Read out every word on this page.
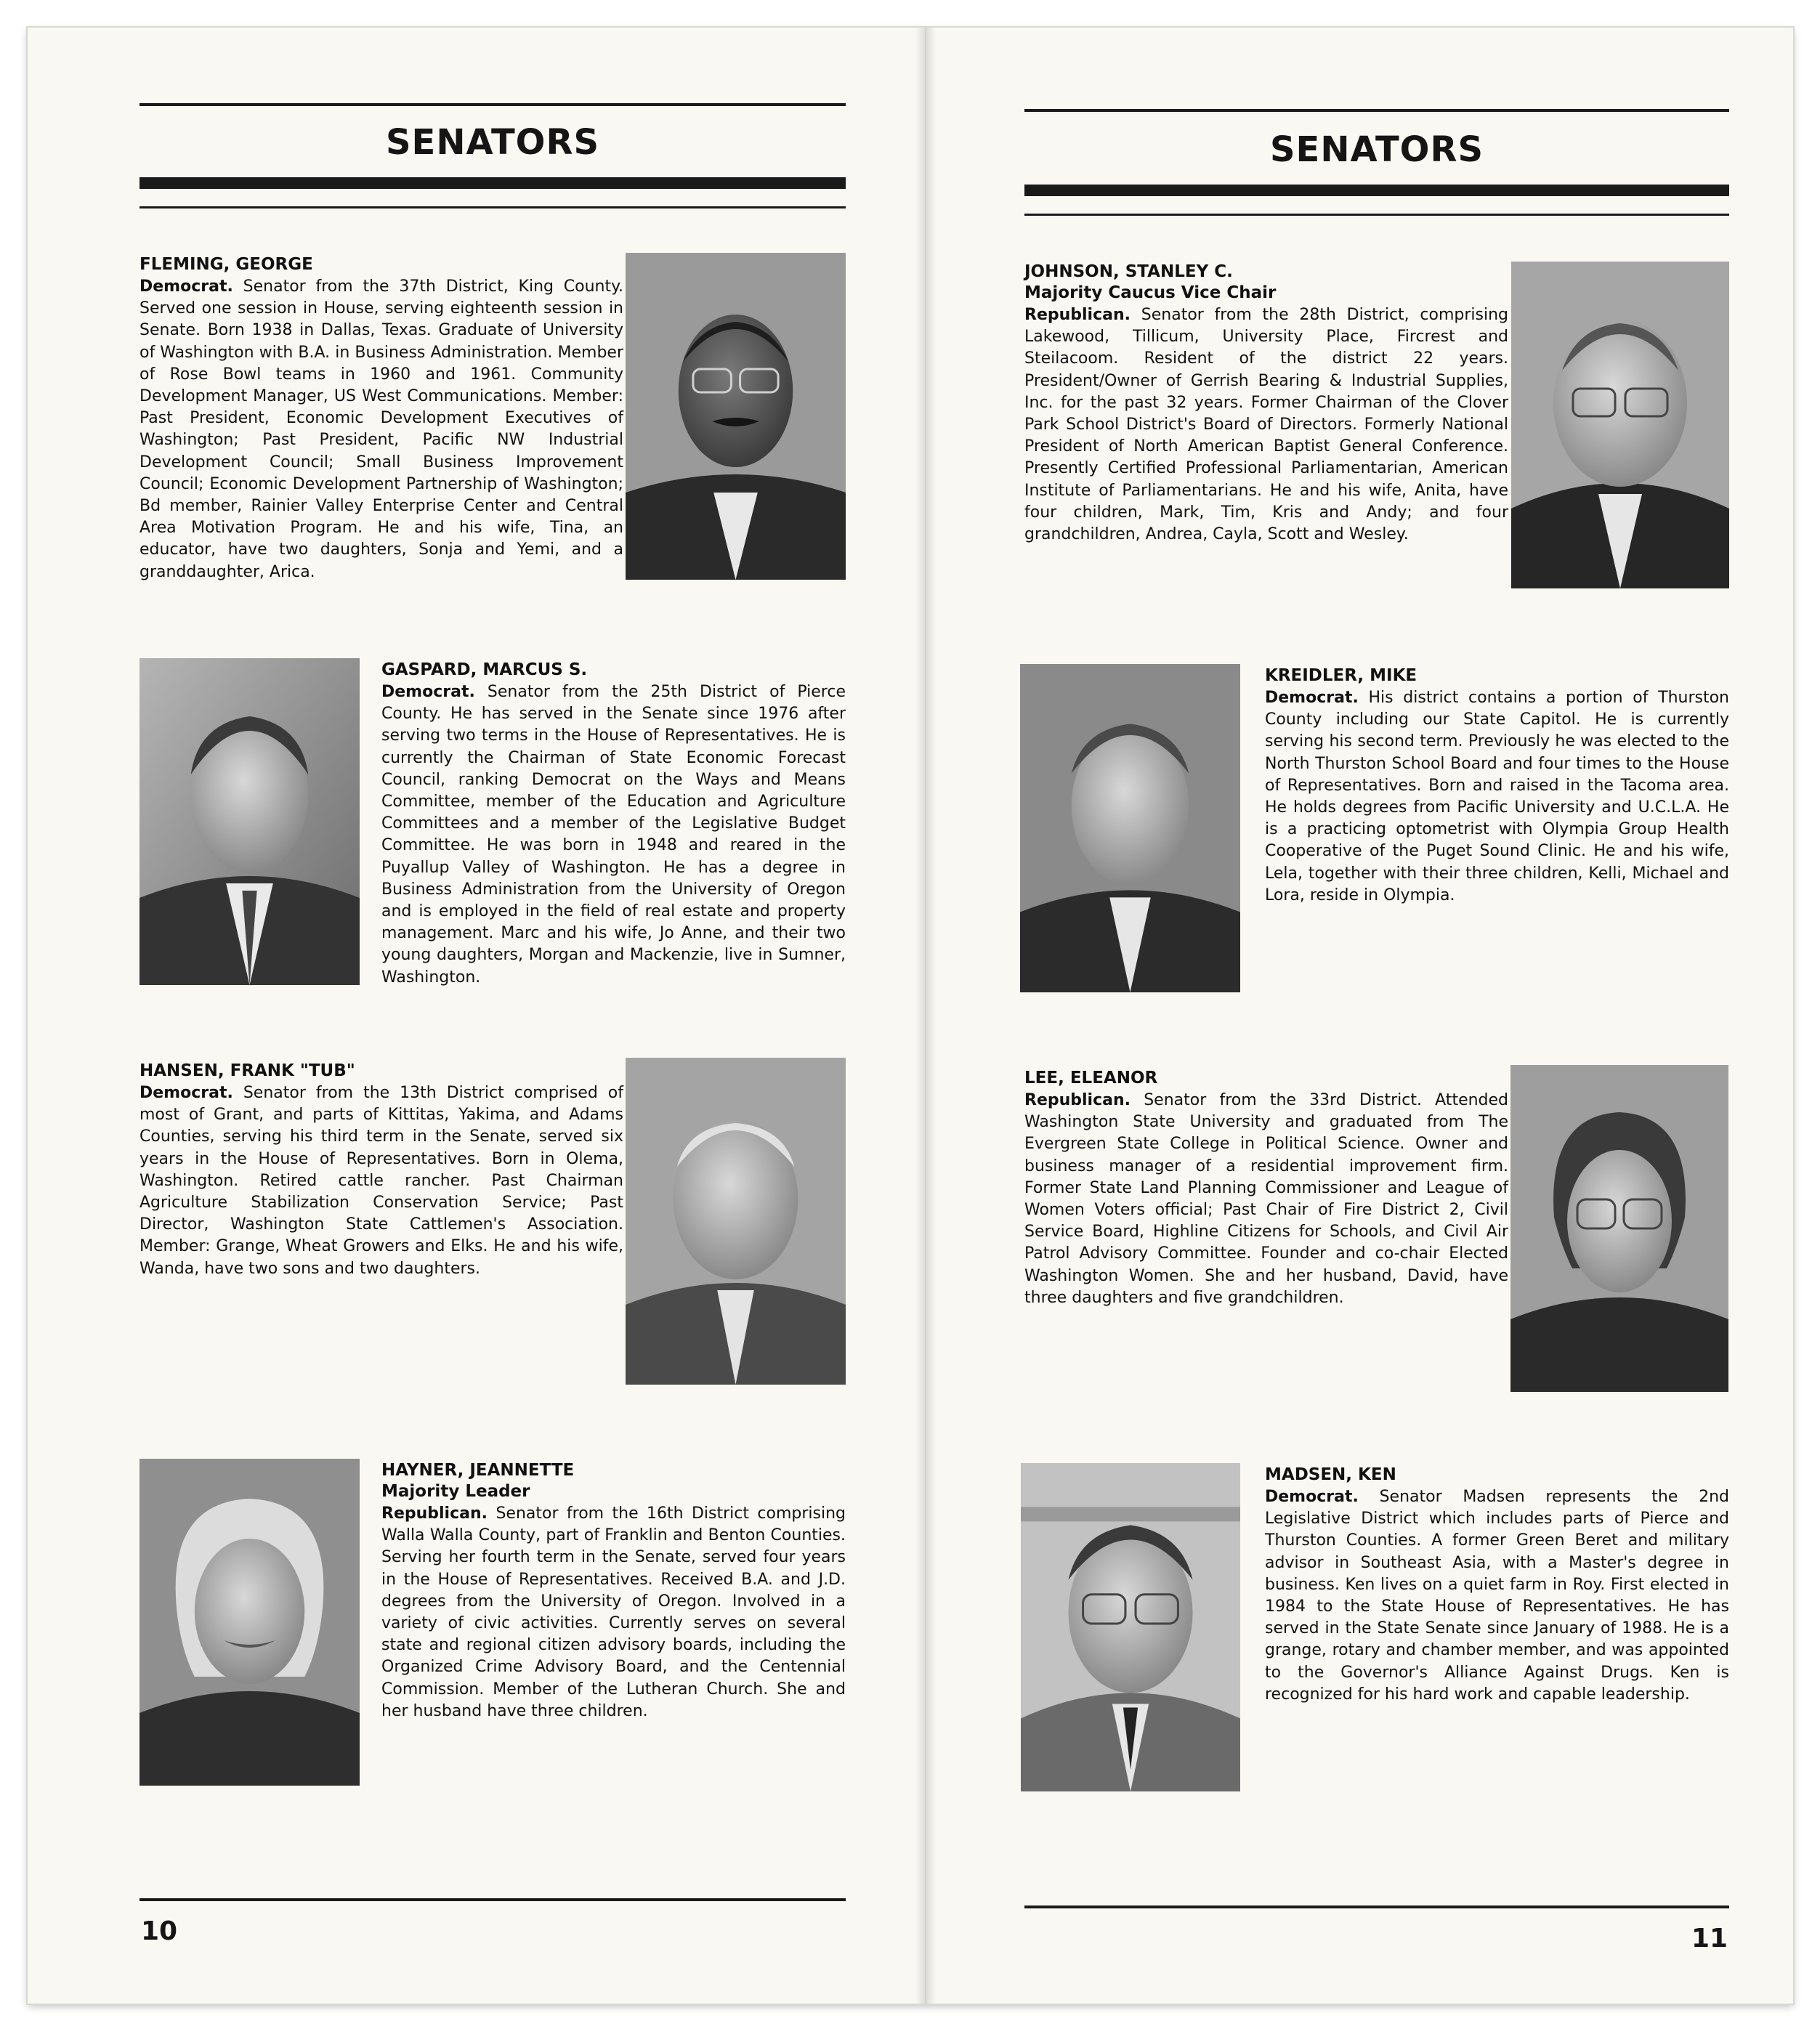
SENATORS
FLEMING, GEORGE
Democrat. Senator from the 37th District, King County. Served one session in House, serving eighteenth session in Senate. Born 1938 in Dallas, Texas. Graduate of University of Washington with B.A. in Business Administration. Member of Rose Bowl teams in 1960 and 1961. Community Development Manager, US West Communications. Member: Past President, Economic Development Executives of Washington; Past President, Pacific NW Industrial Development Council; Small Business Improvement Council; Economic Development Partnership of Washington; Bd member, Rainier Valley Enterprise Center and Central Area Motivation Program. He and his wife, Tina, an educator, have two daughters, Sonja and Yemi, and a granddaughter, Arica.
GASPARD, MARCUS S.
Democrat. Senator from the 25th District of Pierce County. He has served in the Senate since 1976 after serving two terms in the House of Representatives. He is currently the Chairman of State Economic Forecast Council, ranking Democrat on the Ways and Means Committee, member of the Education and Agriculture Committees and a member of the Legislative Budget Committee. He was born in 1948 and reared in the Puyallup Valley of Washington. He has a degree in Business Administration from the University of Oregon and is employed in the field of real estate and property management. Marc and his wife, Jo Anne, and their two young daughters, Morgan and Mackenzie, live in Sumner, Washington.
HANSEN, FRANK "TUB"
Democrat. Senator from the 13th District comprised of most of Grant, and parts of Kittitas, Yakima, and Adams Counties, serving his third term in the Senate, served six years in the House of Representatives. Born in Olema, Washington. Retired cattle rancher. Past Chairman Agriculture Stabilization Conservation Service; Past Director, Washington State Cattlemen's Association. Member: Grange, Wheat Growers and Elks. He and his wife, Wanda, have two sons and two daughters.
HAYNER, JEANNETTE
Majority Leader
Republican. Senator from the 16th District comprising Walla Walla County, part of Franklin and Benton Counties. Serving her fourth term in the Senate, served four years in the House of Representatives. Received B.A. and J.D. degrees from the University of Oregon. Involved in a variety of civic activities. Currently serves on several state and regional citizen advisory boards, including the Organized Crime Advisory Board, and the Centennial Commission. Member of the Lutheran Church. She and her husband have three children.
10
SENATORS
JOHNSON, STANLEY C.
Majority Caucus Vice Chair
Republican. Senator from the 28th District, comprising Lakewood, Tillicum, University Place, Fircrest and Steilacoom. Resident of the district 22 years. President/Owner of Gerrish Bearing & Industrial Supplies, Inc. for the past 32 years. Former Chairman of the Clover Park School District's Board of Directors. Formerly National President of North American Baptist General Conference. Presently Certified Professional Parliamentarian, American Institute of Parliamentarians. He and his wife, Anita, have four children, Mark, Tim, Kris and Andy; and four grandchildren, Andrea, Cayla, Scott and Wesley.
KREIDLER, MIKE
Democrat. His district contains a portion of Thurston County including our State Capitol. He is currently serving his second term. Previously he was elected to the North Thurston School Board and four times to the House of Representatives. Born and raised in the Tacoma area. He holds degrees from Pacific University and U.C.L.A. He is a practicing optometrist with Olympia Group Health Cooperative of the Puget Sound Clinic. He and his wife, Lela, together with their three children, Kelli, Michael and Lora, reside in Olympia.
LEE, ELEANOR
Republican. Senator from the 33rd District. Attended Washington State University and graduated from The Evergreen State College in Political Science. Owner and business manager of a residential improvement firm. Former State Land Planning Commissioner and League of Women Voters official; Past Chair of Fire District 2, Civil Service Board, Highline Citizens for Schools, and Civil Air Patrol Advisory Committee. Founder and co-chair Elected Washington Women. She and her husband, David, have three daughters and five grandchildren.
MADSEN, KEN
Democrat. Senator Madsen represents the 2nd Legislative District which includes parts of Pierce and Thurston Counties. A former Green Beret and military advisor in Southeast Asia, with a Master's degree in business. Ken lives on a quiet farm in Roy. First elected in 1984 to the State House of Representatives. He has served in the State Senate since January of 1988. He is a grange, rotary and chamber member, and was appointed to the Governor's Alliance Against Drugs. Ken is recognized for his hard work and capable leadership.
11
